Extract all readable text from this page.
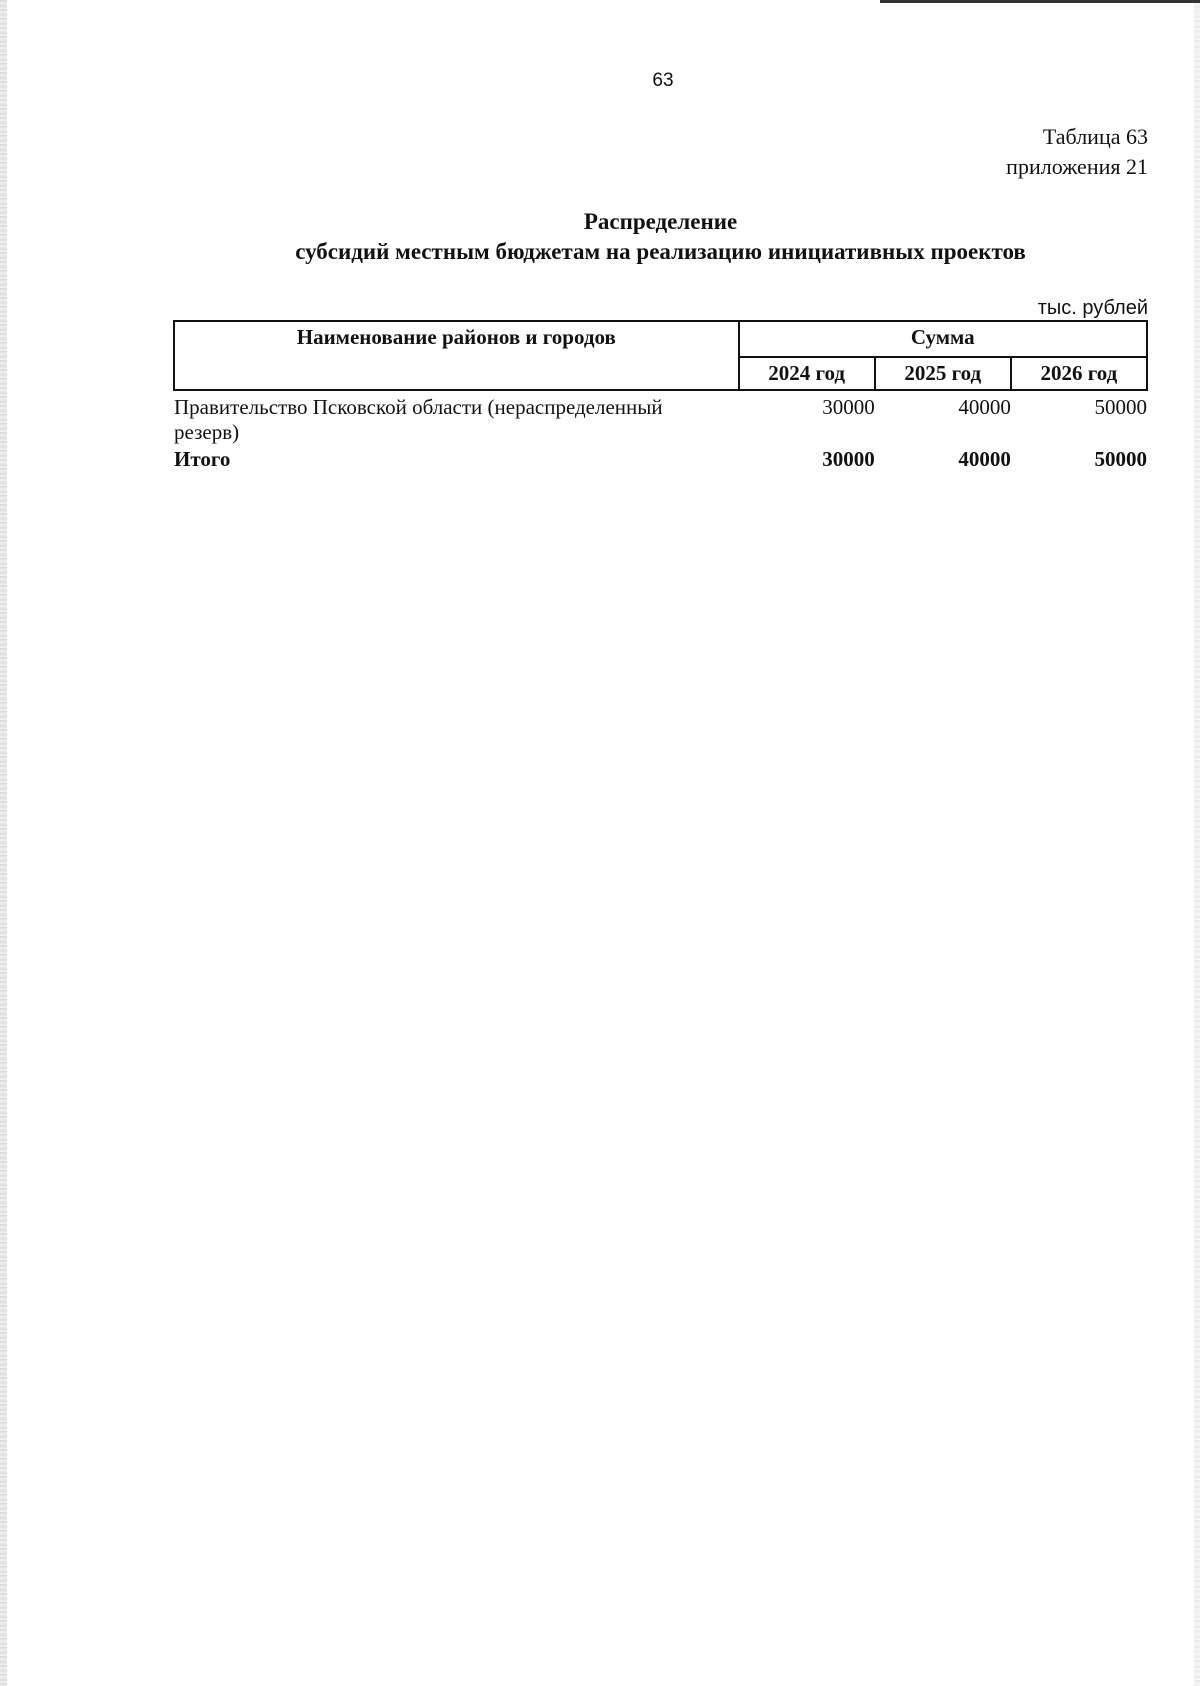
63
Таблица 63
приложения 21
Распределение
субсидий местным бюджетам на реализацию инициативных проектов
тыс. рублей
Наименование районов и городов	Сумма		
	2024 год	2025 год	2026 год
Правительство Псковской области (нераспределенный резерв)	30000	40000	50000
Итого	30000	40000	50000
